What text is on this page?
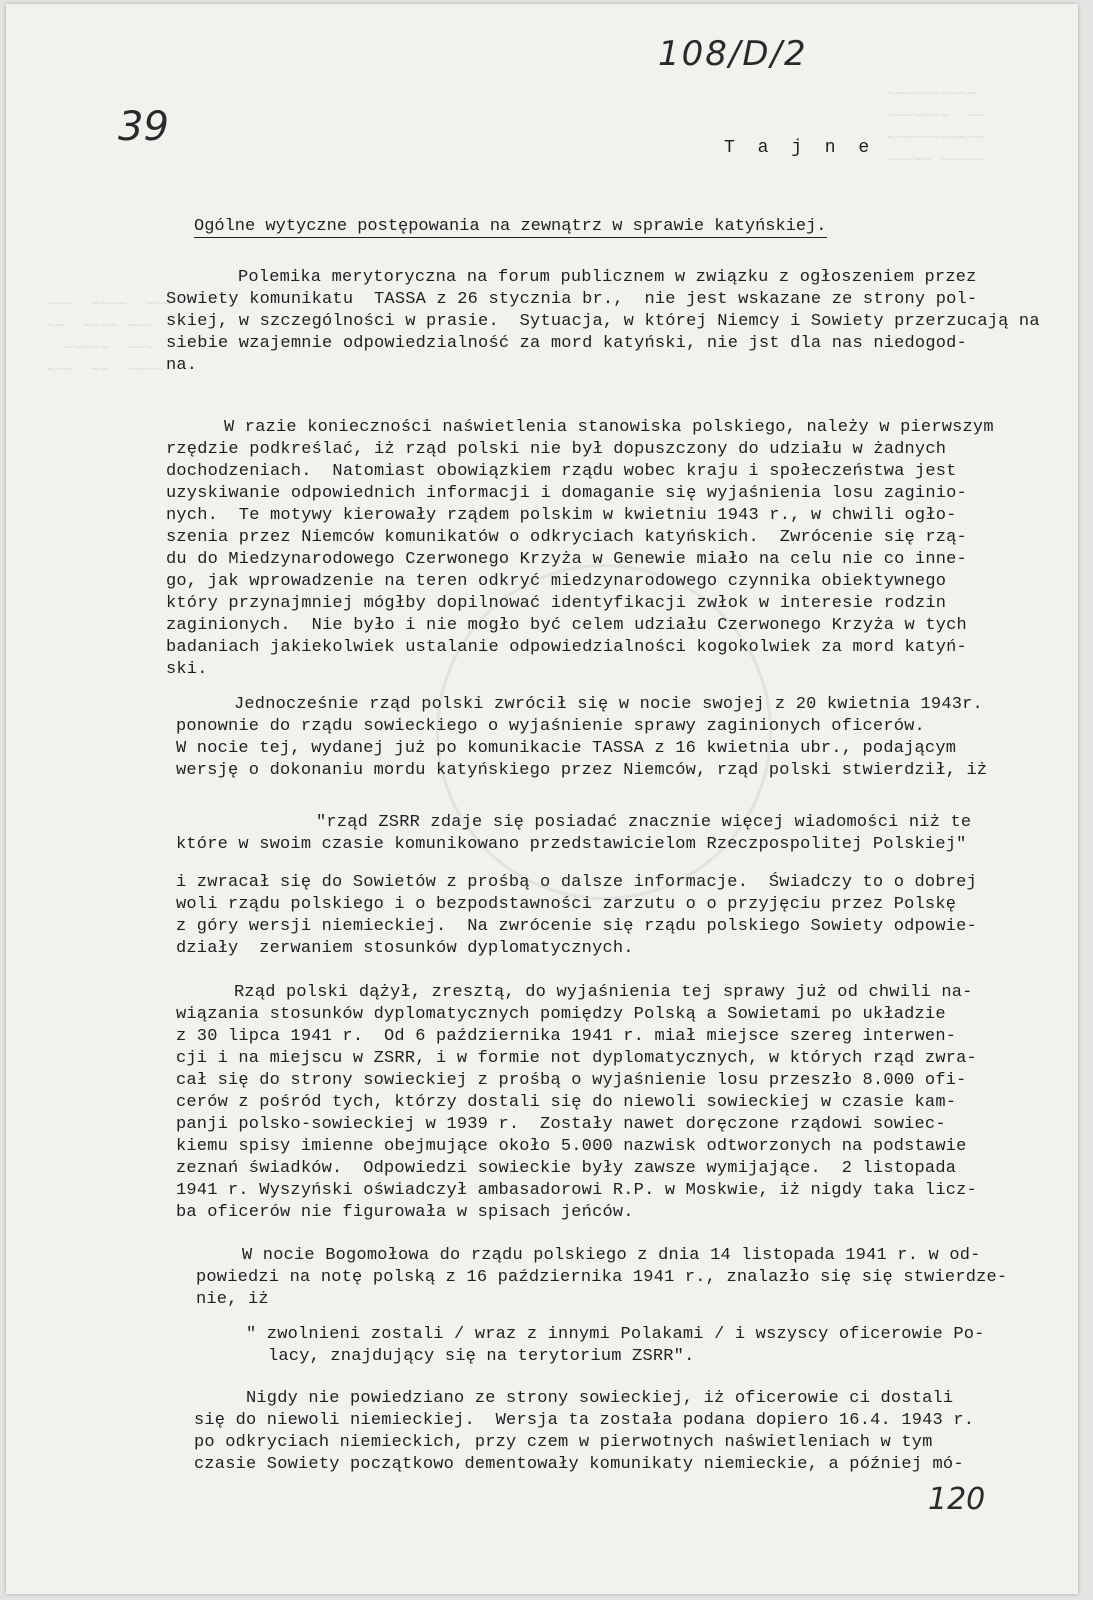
~~~  ~~~~  ~~~
~~  ~~~~ ~~~
~~~~~  ~~~
~~~  ~~  ~~~~
~~~~~~~~~~
~~~~~~~  ~~
~~~~~~~~~~~
~~~~~ ~~~~~
108/D/2
39	T a j n e
Ogólne wytyczne postępowania na zewnątrz w sprawie katyńskiej.
Polemika merytoryczna na forum publicznem w związku z ogłoszeniem przez
Sowiety komunikatu  TASSA z 26 stycznia br.,  nie jest wskazane ze strony pol-
skiej, w szczególności w prasie.  Sytuacja, w której Niemcy i Sowiety przerzucają na
siebie wzajemnie odpowiedzialność za mord katyński, nie jst dla nas niedogod-
na.
W razie konieczności naświetlenia stanowiska polskiego, należy w pierwszym
rzędzie podkreślać, iż rząd polski nie był dopuszczony do udziału w żadnych
dochodzeniach.  Natomiast obowiązkiem rządu wobec kraju i społeczeństwa jest
uzyskiwanie odpowiednich informacji i domaganie się wyjaśnienia losu zaginio-
nych.  Te motywy kierowały rządem polskim w kwietniu 1943 r., w chwili ogło-
szenia przez Niemców komunikatów o odkryciach katyńskich.  Zwrócenie się rzą-
du do Miedzynarodowego Czerwonego Krzyża w Genewie miało na celu nie co inne-
go, jak wprowadzenie na teren odkryć miedzynarodowego czynnika obiektywnego
który przynajmniej mógłby dopilnować identyfikacji zwłok w interesie rodzin
zaginionych.  Nie było i nie mogło być celem udziału Czerwonego Krzyża w tych
badaniach jakiekolwiek ustalanie odpowiedzialności kogokolwiek za mord katyń-
ski.
Jednocześnie rząd polski zwrócił się w nocie swojej z 20 kwietnia 1943r.
ponownie do rządu sowieckiego o wyjaśnienie sprawy zaginionych oficerów.
W nocie tej, wydanej już po komunikacie TASSA z 16 kwietnia ubr., podającym
wersję o dokonaniu mordu katyńskiego przez Niemców, rząd polski stwierdził, iż
"rząd ZSRR zdaje się posiadać znacznie więcej wiadomości niż te
które w swoim czasie komunikowano przedstawicielom Rzeczpospolitej Polskiej"
i zwracał się do Sowietów z prośbą o dalsze informacje.  Świadczy to o dobrej
woli rządu polskiego i o bezpodstawności zarzutu o o przyjęciu przez Polskę
z góry wersji niemieckiej.  Na zwrócenie się rządu polskiego Sowiety odpowie-
działy  zerwaniem stosunków dyplomatycznych.
Rząd polski dążył, zresztą, do wyjaśnienia tej sprawy już od chwili na-
wiązania stosunków dyplomatycznych pomiędzy Polską a Sowietami po układzie
z 30 lipca 1941 r.  Od 6 października 1941 r. miał miejsce szereg interwen-
cji i na miejscu w ZSRR, i w formie not dyplomatycznych, w których rząd zwra-
cał się do strony sowieckiej z prośbą o wyjaśnienie losu przeszło 8.000 ofi-
cerów z pośród tych, którzy dostali się do niewoli sowieckiej w czasie kam-
panji polsko-sowieckiej w 1939 r.  Zostały nawet doręczone rządowi sowiec-
kiemu spisy imienne obejmujące około 5.000 nazwisk odtworzonych na podstawie
zeznań świadków.  Odpowiedzi sowieckie były zawsze wymijające.  2 listopada
1941 r. Wyszyński oświadczył ambasadorowi R.P. w Moskwie, iż nigdy taka licz-
ba oficerów nie figurowała w spisach jeńców.
W nocie Bogomołowa do rządu polskiego z dnia 14 listopada 1941 r. w od-
powiedzi na notę polską z 16 października 1941 r., znalazło się się stwierdze-
nie, iż
" zwolnieni zostali / wraz z innymi Polakami / i wszyscy oficerowie Po-
lacy, znajdujący się na terytorium ZSRR".
Nigdy nie powiedziano ze strony sowieckiej, iż oficerowie ci dostali
się do niewoli niemieckiej.  Wersja ta została podana dopiero 16.4. 1943 r.
po odkryciach niemieckich, przy czem w pierwotnych naświetleniach w tym
czasie Sowiety początkowo dementowały komunikaty niemieckie, a później mó-
120
